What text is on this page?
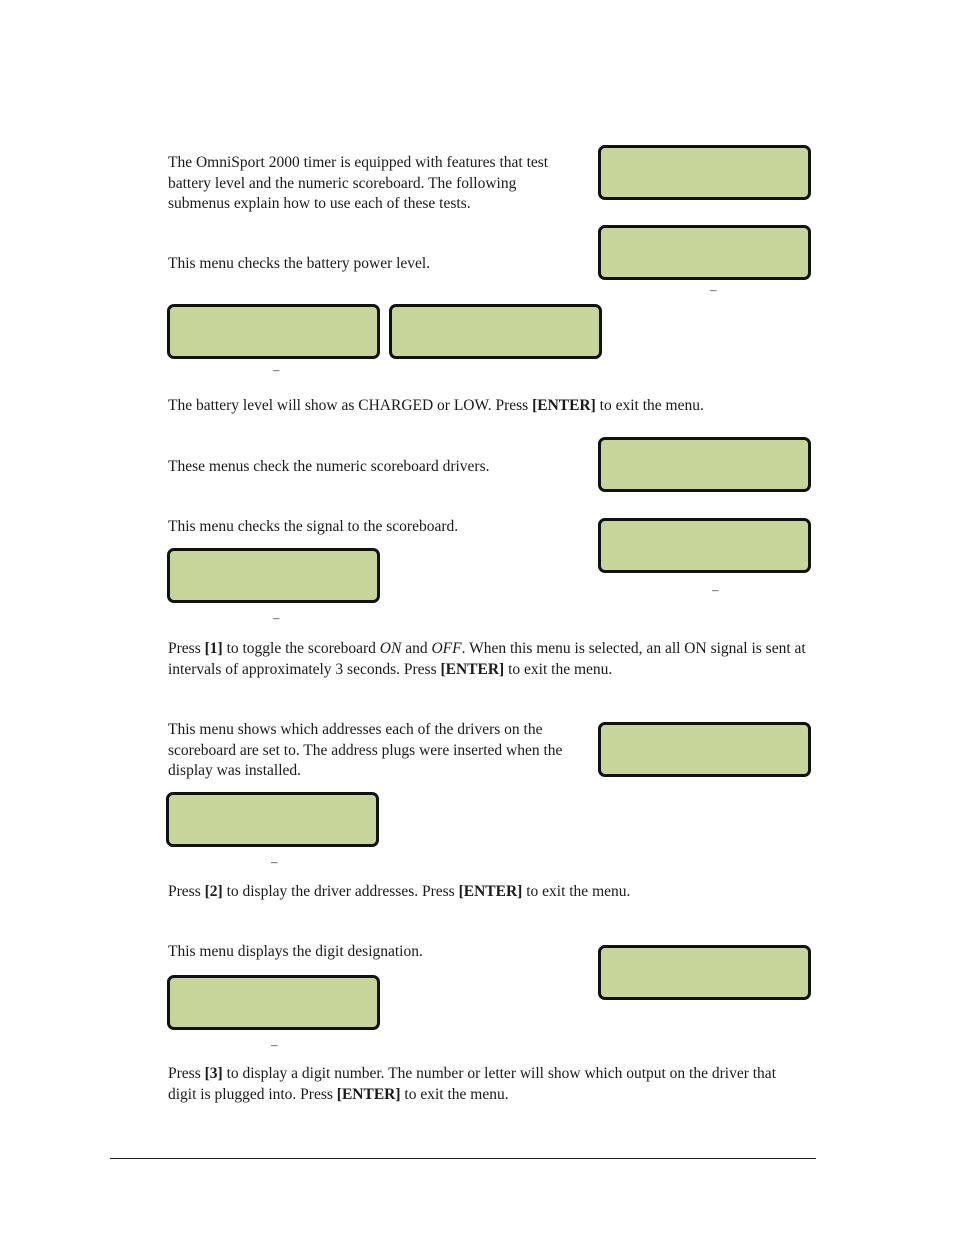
The OmniSport 2000 timer is equipped with features that test battery level and the numeric scoreboard. The following submenus explain how to use each of these tests.

This menu checks the battery power level.

–

–

The battery level will show as CHARGED or LOW. Press [ENTER] to exit the menu.

These menus check the numeric scoreboard drivers.

This menu checks the signal to the scoreboard.

–

–

Press [1] to toggle the scoreboard ON and OFF. When this menu is selected, an all ON signal is sent at intervals of approximately 3 seconds. Press [ENTER] to exit the menu.

This menu shows which addresses each of the drivers on the scoreboard are set to. The address plugs were inserted when the display was installed.

–

Press [2] to display the driver addresses. Press [ENTER] to exit the menu.

This menu displays the digit designation.

–

Press [3] to display a digit number. The number or letter will show which output on the driver that digit is plugged into. Press [ENTER] to exit the menu.
